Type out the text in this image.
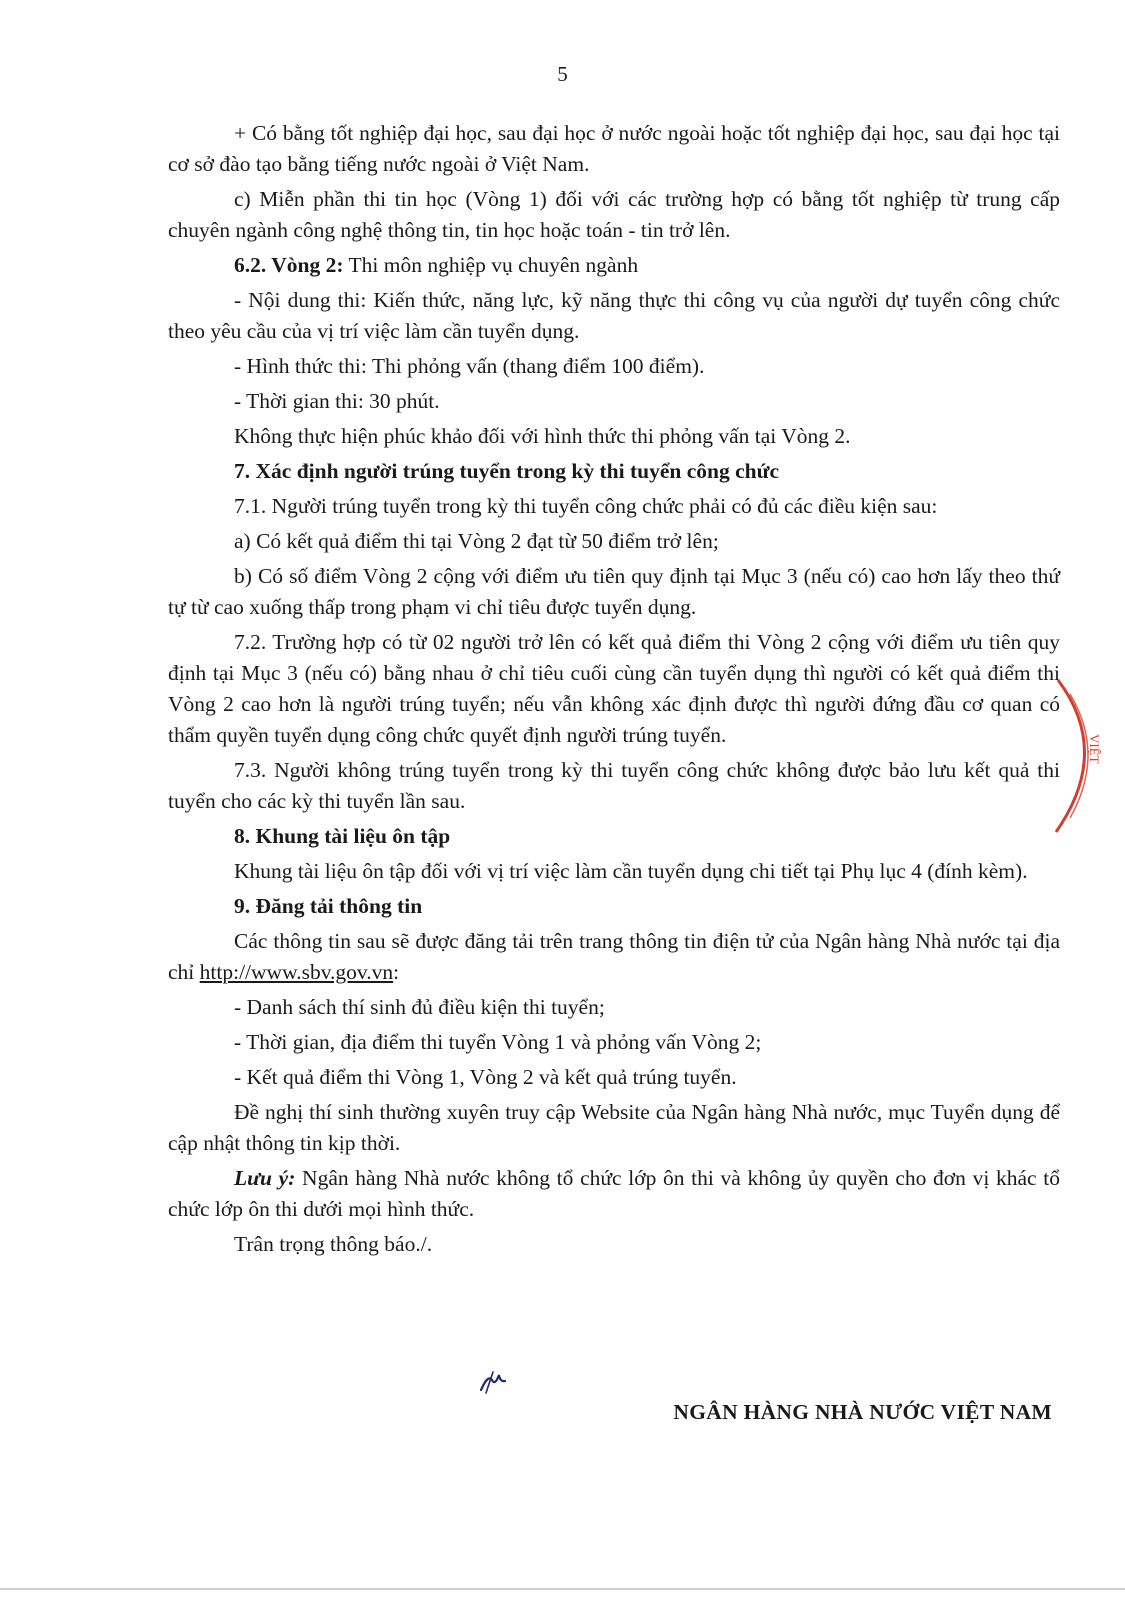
5

+ Có bằng tốt nghiệp đại học, sau đại học ở nước ngoài hoặc tốt nghiệp đại học, sau đại học tại cơ sở đào tạo bằng tiếng nước ngoài ở Việt Nam.

c) Miễn phần thi tin học (Vòng 1) đối với các trường hợp có bằng tốt nghiệp từ trung cấp chuyên ngành công nghệ thông tin, tin học hoặc toán - tin trở lên.

6.2. Vòng 2: Thi môn nghiệp vụ chuyên ngành

- Nội dung thi: Kiến thức, năng lực, kỹ năng thực thi công vụ của người dự tuyển công chức theo yêu cầu của vị trí việc làm cần tuyển dụng.

- Hình thức thi: Thi phỏng vấn (thang điểm 100 điểm).

- Thời gian thi: 30 phút.

Không thực hiện phúc khảo đối với hình thức thi phỏng vấn tại Vòng 2.

7. Xác định người trúng tuyển trong kỳ thi tuyển công chức

7.1. Người trúng tuyển trong kỳ thi tuyển công chức phải có đủ các điều kiện sau:

a) Có kết quả điểm thi tại Vòng 2 đạt từ 50 điểm trở lên;

b) Có số điểm Vòng 2 cộng với điểm ưu tiên quy định tại Mục 3 (nếu có) cao hơn lấy theo thứ tự từ cao xuống thấp trong phạm vi chỉ tiêu được tuyển dụng.

7.2. Trường hợp có từ 02 người trở lên có kết quả điểm thi Vòng 2 cộng với điểm ưu tiên quy định tại Mục 3 (nếu có) bằng nhau ở chỉ tiêu cuối cùng cần tuyển dụng thì người có kết quả điểm thi Vòng 2 cao hơn là người trúng tuyển; nếu vẫn không xác định được thì người đứng đầu cơ quan có thẩm quyền tuyển dụng công chức quyết định người trúng tuyển.

7.3. Người không trúng tuyển trong kỳ thi tuyển công chức không được bảo lưu kết quả thi tuyển cho các kỳ thi tuyển lần sau.

8. Khung tài liệu ôn tập

Khung tài liệu ôn tập đối với vị trí việc làm cần tuyển dụng chi tiết tại Phụ lục 4 (đính kèm).

9. Đăng tải thông tin

Các thông tin sau sẽ được đăng tải trên trang thông tin điện tử của Ngân hàng Nhà nước tại địa chỉ http://www.sbv.gov.vn:

- Danh sách thí sinh đủ điều kiện thi tuyển;

- Thời gian, địa điểm thi tuyển Vòng 1 và phỏng vấn Vòng 2;

- Kết quả điểm thi Vòng 1, Vòng 2 và kết quả trúng tuyển.

Đề nghị thí sinh thường xuyên truy cập Website của Ngân hàng Nhà nước, mục Tuyển dụng để cập nhật thông tin kịp thời.

Lưu ý: Ngân hàng Nhà nước không tổ chức lớp ôn thi và không ủy quyền cho đơn vị khác tổ chức lớp ôn thi dưới mọi hình thức.

Trân trọng thông báo./.

NGÂN HÀNG NHÀ NƯỚC VIỆT NAM
VIỆT
